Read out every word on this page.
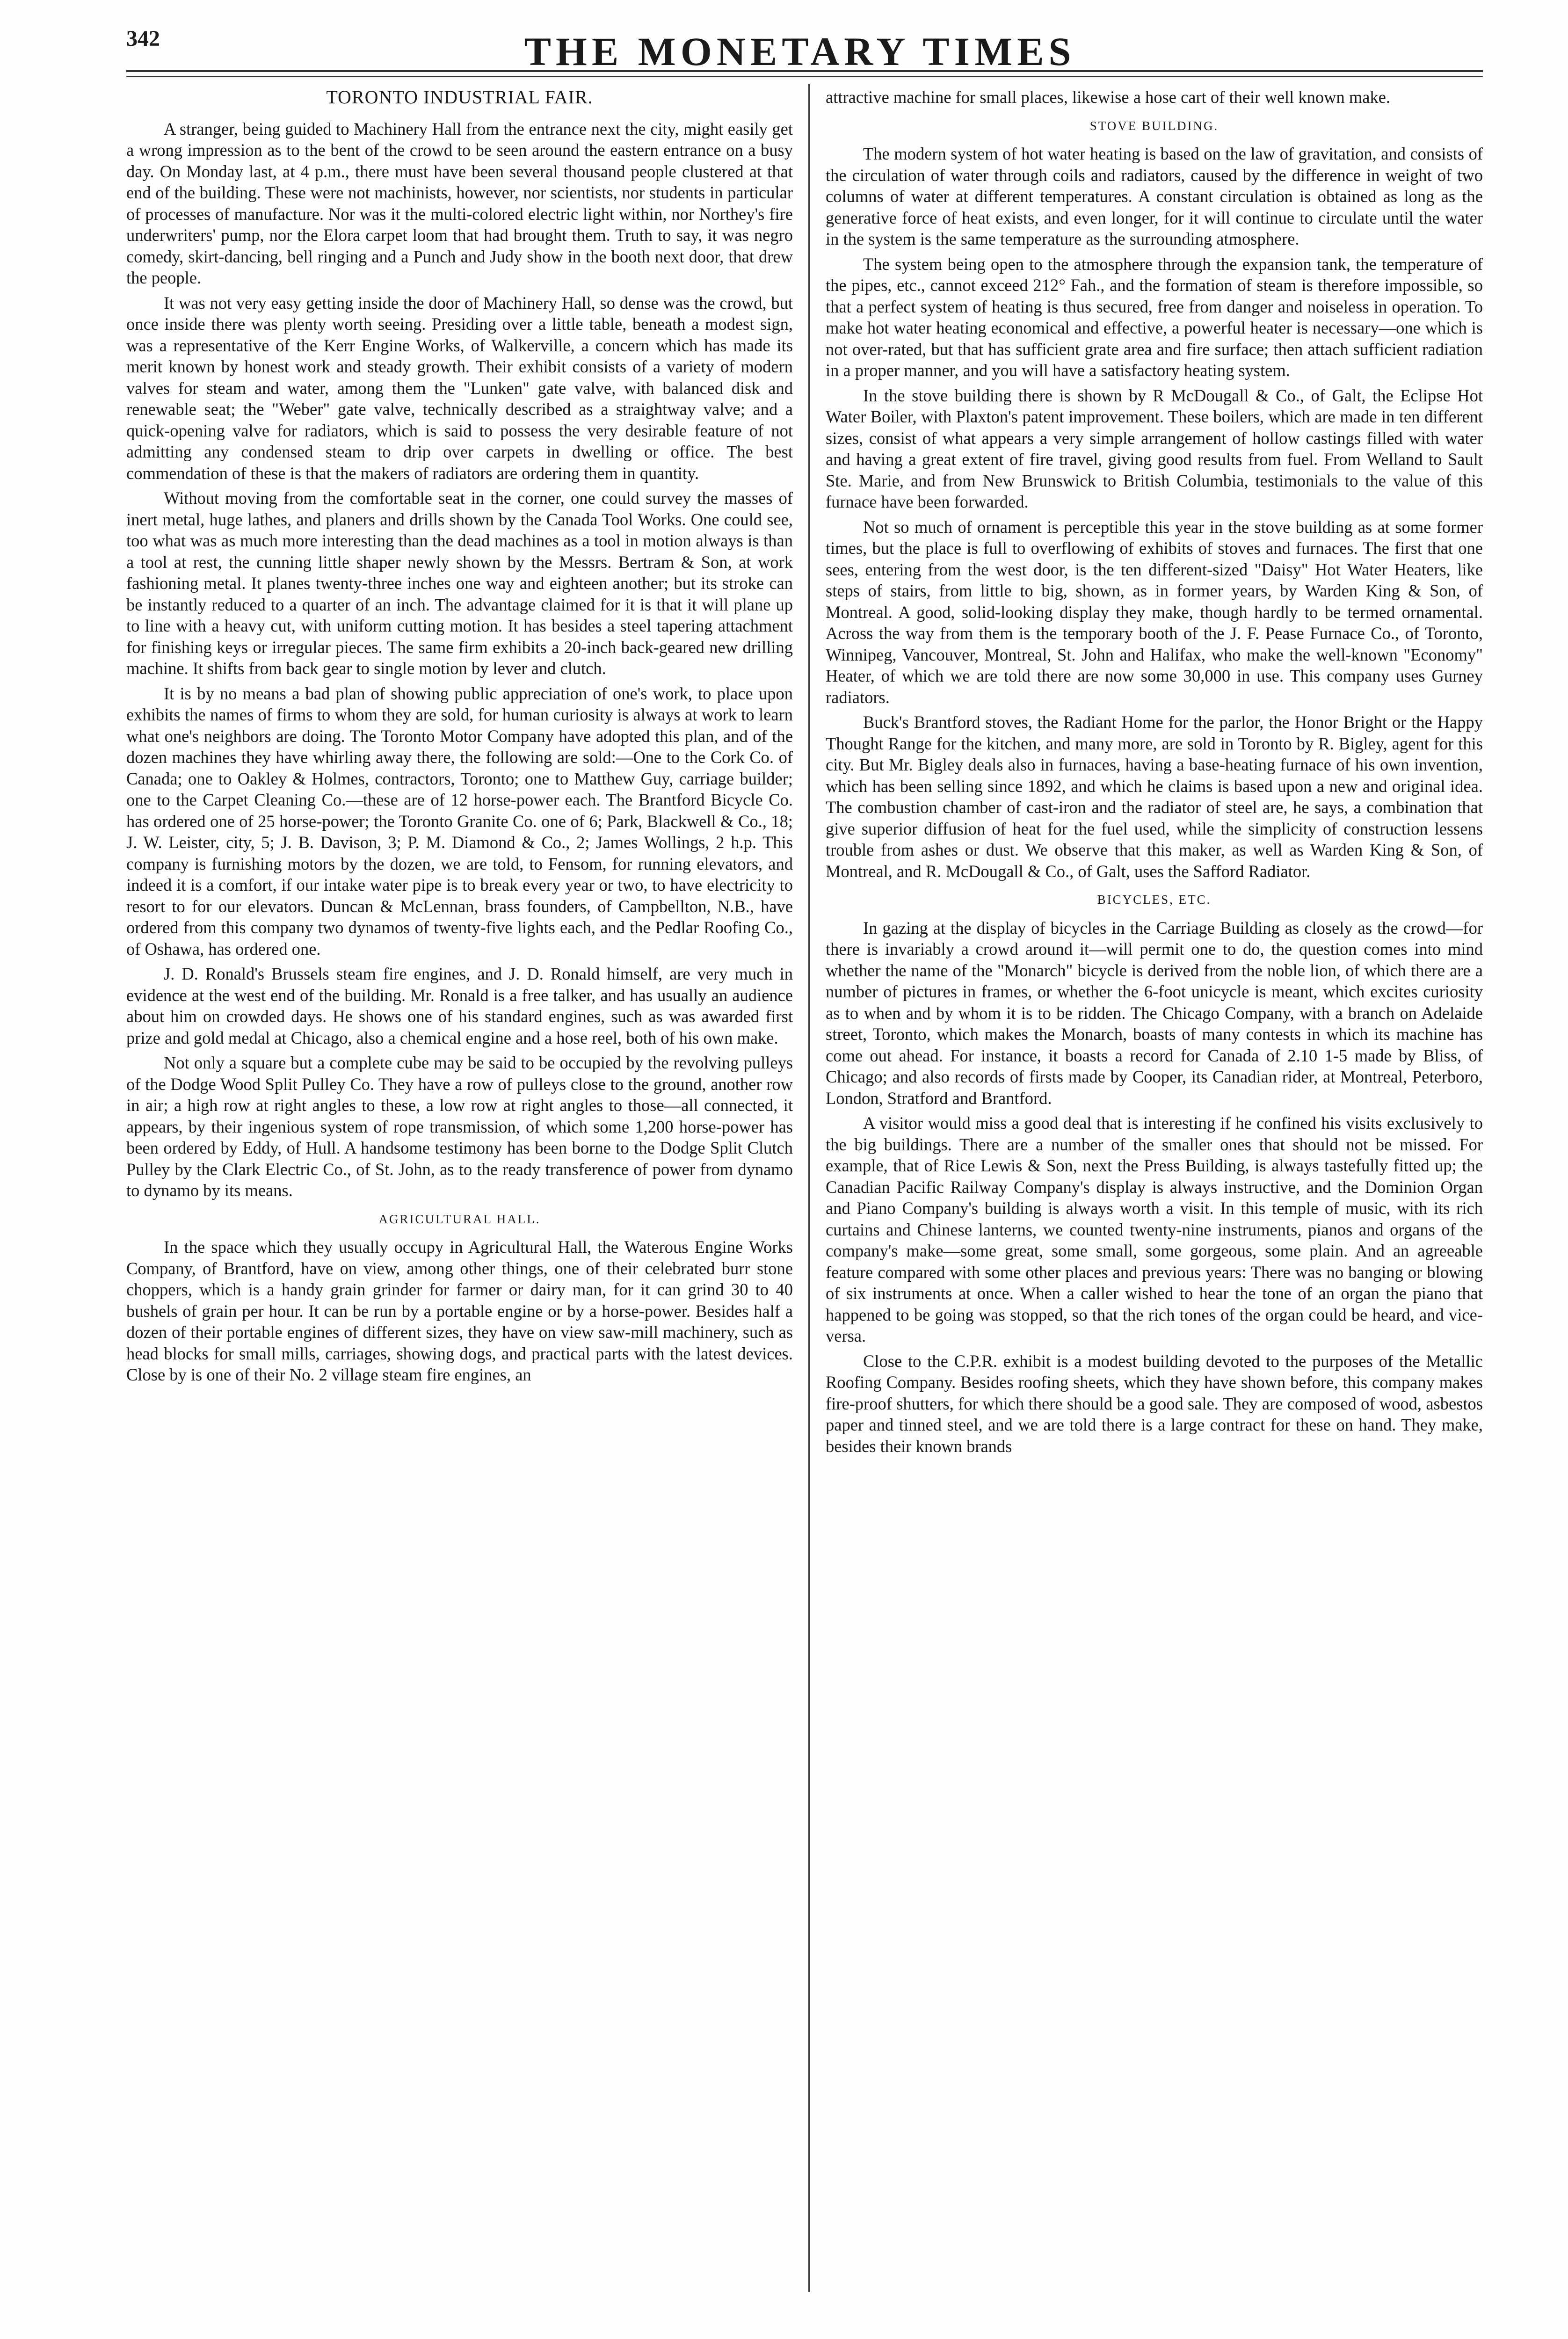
342	THE MONETARY TIMES
TORONTO INDUSTRIAL FAIR.

A stranger, being guided to Machinery Hall from the entrance next the city, might easily get a wrong impression as to the bent of the crowd to be seen around the eastern entrance on a busy day. On Monday last, at 4 p.m., there must have been several thousand people clustered at that end of the building. These were not machinists, however, nor scientists, nor students in particular of processes of manufacture. Nor was it the multi-colored electric light within, nor Northey's fire underwriters' pump, nor the Elora carpet loom that had brought them. Truth to say, it was negro comedy, skirt-dancing, bell ringing and a Punch and Judy show in the booth next door, that drew the people.

It was not very easy getting inside the door of Machinery Hall, so dense was the crowd, but once inside there was plenty worth seeing. Presiding over a little table, beneath a modest sign, was a representative of the Kerr Engine Works, of Walkerville, a concern which has made its merit known by honest work and steady growth. Their exhibit consists of a variety of modern valves for steam and water, among them the "Lunken" gate valve, with balanced disk and renewable seat; the "Weber" gate valve, technically described as a straightway valve; and a quick-opening valve for radiators, which is said to possess the very desirable feature of not admitting any condensed steam to drip over carpets in dwelling or office. The best commendation of these is that the makers of radiators are ordering them in quantity.

Without moving from the comfortable seat in the corner, one could survey the masses of inert metal, huge lathes, and planers and drills shown by the Canada Tool Works. One could see, too what was as much more interesting than the dead machines as a tool in motion always is than a tool at rest, the cunning little shaper newly shown by the Messrs. Bertram & Son, at work fashioning metal. It planes twenty-three inches one way and eighteen another; but its stroke can be instantly reduced to a quarter of an inch. The advantage claimed for it is that it will plane up to line with a heavy cut, with uniform cutting motion. It has besides a steel tapering attachment for finishing keys or irregular pieces. The same firm exhibits a 20-inch back-geared new drilling machine. It shifts from back gear to single motion by lever and clutch.

It is by no means a bad plan of showing public appreciation of one's work, to place upon exhibits the names of firms to whom they are sold, for human curiosity is always at work to learn what one's neighbors are doing. The Toronto Motor Company have adopted this plan, and of the dozen machines they have whirling away there, the following are sold:—One to the Cork Co. of Canada; one to Oakley & Holmes, contractors, Toronto; one to Matthew Guy, carriage builder; one to the Carpet Cleaning Co.—these are of 12 horse-power each. The Brantford Bicycle Co. has ordered one of 25 horse-power; the Toronto Granite Co. one of 6; Park, Blackwell & Co., 18; J. W. Leister, city, 5; J. B. Davison, 3; P. M. Diamond & Co., 2; James Wollings, 2 h.p. This company is furnishing motors by the dozen, we are told, to Fensom, for running elevators, and indeed it is a comfort, if our intake water pipe is to break every year or two, to have electricity to resort to for our elevators. Duncan & McLennan, brass founders, of Campbellton, N.B., have ordered from this company two dynamos of twenty-five lights each, and the Pedlar Roofing Co., of Oshawa, has ordered one.

J. D. Ronald's Brussels steam fire engines, and J. D. Ronald himself, are very much in evidence at the west end of the building. Mr. Ronald is a free talker, and has usually an audience about him on crowded days. He shows one of his standard engines, such as was awarded first prize and gold medal at Chicago, also a chemical engine and a hose reel, both of his own make.

Not only a square but a complete cube may be said to be occupied by the revolving pulleys of the Dodge Wood Split Pulley Co. They have a row of pulleys close to the ground, another row in air; a high row at right angles to these, a low row at right angles to those—all connected, it appears, by their ingenious system of rope transmission, of which some 1,200 horse-power has been ordered by Eddy, of Hull. A handsome testimony has been borne to the Dodge Split Clutch Pulley by the Clark Electric Co., of St. John, as to the ready transference of power from dynamo to dynamo by its means.

AGRICULTURAL HALL.

In the space which they usually occupy in Agricultural Hall, the Waterous Engine Works Company, of Brantford, have on view, among other things, one of their celebrated burr stone choppers, which is a handy grain grinder for farmer or dairy man, for it can grind 30 to 40 bushels of grain per hour. It can be run by a portable engine or by a horse-power. Besides half a dozen of their portable engines of different sizes, they have on view saw-mill machinery, such as head blocks for small mills, carriages, showing dogs, and practical parts with the latest devices. Close by is one of their No. 2 village steam fire engines, an

attractive machine for small places, likewise a hose cart of their well known make.

STOVE BUILDING.

The modern system of hot water heating is based on the law of gravitation, and consists of the circulation of water through coils and radiators, caused by the difference in weight of two columns of water at different temperatures. A constant circulation is obtained as long as the generative force of heat exists, and even longer, for it will continue to circulate until the water in the system is the same temperature as the surrounding atmosphere.

The system being open to the atmosphere through the expansion tank, the temperature of the pipes, etc., cannot exceed 212° Fah., and the formation of steam is therefore impossible, so that a perfect system of heating is thus secured, free from danger and noiseless in operation. To make hot water heating economical and effective, a powerful heater is necessary—one which is not over-rated, but that has sufficient grate area and fire surface; then attach sufficient radiation in a proper manner, and you will have a satisfactory heating system.

In the stove building there is shown by R McDougall & Co., of Galt, the Eclipse Hot Water Boiler, with Plaxton's patent improvement. These boilers, which are made in ten different sizes, consist of what appears a very simple arrangement of hollow castings filled with water and having a great extent of fire travel, giving good results from fuel. From Welland to Sault Ste. Marie, and from New Brunswick to British Columbia, testimonials to the value of this furnace have been forwarded.

Not so much of ornament is perceptible this year in the stove building as at some former times, but the place is full to overflowing of exhibits of stoves and furnaces. The first that one sees, entering from the west door, is the ten different-sized "Daisy" Hot Water Heaters, like steps of stairs, from little to big, shown, as in former years, by Warden King & Son, of Montreal. A good, solid-looking display they make, though hardly to be termed ornamental. Across the way from them is the temporary booth of the J. F. Pease Furnace Co., of Toronto, Winnipeg, Vancouver, Montreal, St. John and Halifax, who make the well-known "Economy" Heater, of which we are told there are now some 30,000 in use. This company uses Gurney radiators.

Buck's Brantford stoves, the Radiant Home for the parlor, the Honor Bright or the Happy Thought Range for the kitchen, and many more, are sold in Toronto by R. Bigley, agent for this city. But Mr. Bigley deals also in furnaces, having a base-heating furnace of his own invention, which has been selling since 1892, and which he claims is based upon a new and original idea. The combustion chamber of cast-iron and the radiator of steel are, he says, a combination that give superior diffusion of heat for the fuel used, while the simplicity of construction lessens trouble from ashes or dust. We observe that this maker, as well as Warden King & Son, of Montreal, and R. McDougall & Co., of Galt, uses the Safford Radiator.

BICYCLES, ETC.

In gazing at the display of bicycles in the Carriage Building as closely as the crowd—for there is invariably a crowd around it—will permit one to do, the question comes into mind whether the name of the "Monarch" bicycle is derived from the noble lion, of which there are a number of pictures in frames, or whether the 6-foot unicycle is meant, which excites curiosity as to when and by whom it is to be ridden. The Chicago Company, with a branch on Adelaide street, Toronto, which makes the Monarch, boasts of many contests in which its machine has come out ahead. For instance, it boasts a record for Canada of 2.10 1-5 made by Bliss, of Chicago; and also records of firsts made by Cooper, its Canadian rider, at Montreal, Peterboro, London, Stratford and Brantford.

A visitor would miss a good deal that is interesting if he confined his visits exclusively to the big buildings. There are a number of the smaller ones that should not be missed. For example, that of Rice Lewis & Son, next the Press Building, is always tastefully fitted up; the Canadian Pacific Railway Company's display is always instructive, and the Dominion Organ and Piano Company's building is always worth a visit. In this temple of music, with its rich curtains and Chinese lanterns, we counted twenty-nine instruments, pianos and organs of the company's make—some great, some small, some gorgeous, some plain. And an agreeable feature compared with some other places and previous years: There was no banging or blowing of six instruments at once. When a caller wished to hear the tone of an organ the piano that happened to be going was stopped, so that the rich tones of the organ could be heard, and vice-versa.

Close to the C.P.R. exhibit is a modest building devoted to the purposes of the Metallic Roofing Company. Besides roofing sheets, which they have shown before, this company makes fire-proof shutters, for which there should be a good sale. They are composed of wood, asbestos paper and tinned steel, and we are told there is a large contract for these on hand. They make, besides their known brands
